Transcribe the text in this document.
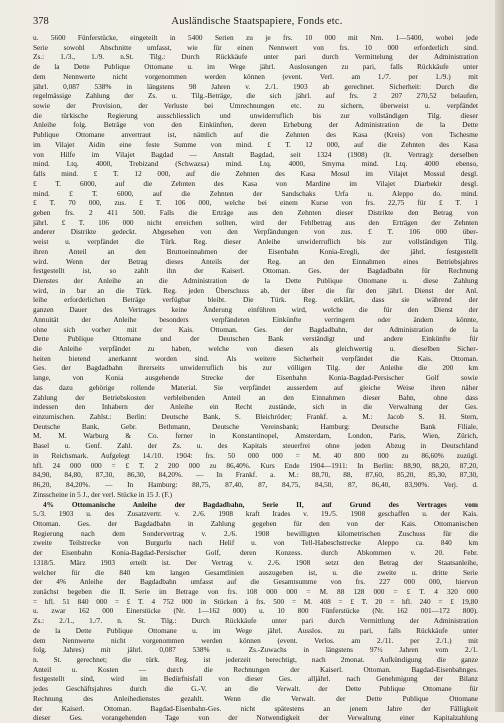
378	Ausländische Staatspapiere, Fonds etc.

u. 5600 Fünferstücke, eingeteilt in 5400 Serien zu je frs. 10 000 mit Nrn. 1—5400, wobei jede

Serie sowohl Abschnitte umfasst, wie für einen Nennwert von frs. 10 000 erforderlich sind.

Zs.: 1./3., 1./9. n.St. Tilg.: Durch Rückkäufe unter pari durch Vermittelung der Administration

de la Dette Publique Ottomane u. im Wege jährl. Auslosungen zu pari, falls Rückkäufe unter

dem Nennwerte nicht vorgenommen werden können (event. Verl. am 1./7. per 1./9.) mit

jährl. 0,087 538% in längstens 98 Jahren v. 2./1. 1903 ab gerechnet. Sicherheit: Durch die

regelmässige Zahlung der Zs. u. Tilg.-Beträge, die sich jährl. auf frs. 2 207 270,52 belaufen,

sowie der Provision, der Verluste bei Umrechnungen etc. zu sichern, überweist u. verpfändet

die türkische Regierung ausschliesslich und unwiderruflich bis zur vollständigen Tilg. dieser

Anleihe folg. Beträge von den Einkünften, deren Erhebung der Administration de la Dette

Publique Ottomane anvertraut ist, nämlich auf die Zehnten des Kasa (Kreis) von Tschesme

im Vilajet Aidin eine feste Summe von mind. £ T. 12 000, auf die Zehnten des Kasa

von Hilfe im Vilajet Bagdad — Anstalt Bagdad, seit 1324 (1908) (lt. Vertrag): derselben

mind. Ltq. 4000, Trebizand (Schwazsa) mind. Ltq. 4000, Smyrna mind. Ltq. 4000 ebenso,

falls mind. £ T. 12 000, auf die Zehnten des Kasa Mosul im Vilajet Mossul desgl.

£ T. 6000, auf die Zehnten des Kasa von Mardine im Vilajet Diarbekir desgl.

mind. £ T. 6000, auf die Zehnten der Sandschaks Urfa u. Aleppo do. mind.

£ T. 70 000, zus. £ T. 106 000, welche bei einem Kurse von frs. 22,75 für £ T. 1

geben frs. 2 411 500. Falls die Erträge aus den Zehnten dieser Distrikte den Betrag von

jährl. £ T. 106 000 nicht erreichen sollten, wird der Fehlbetrag aus den Erträgen der Zehnten

anderer Distrikte gedeckt. Abgesehen von den Verpfändungen von zus. £ T. 106 000 über-

weist u. verpfändet die Türk. Reg. dieser Anleihe unwiderruflich bis zur vollständigen Tilg.

ihren Anteil an den Bruttoeinnahmen der Eisenbahn Konia-Eregli, der jährl. festgestellt

wird. Wenn der Betrag dieses Anteils der Reg. an den Einnahmen eines Betriebsjahres

festgestellt ist, so zahlt ihn der Kaiserl. Ottoman. Ges. der Bagdadbahn für Rechnung

Dienstes der Anleihe an die Administration de la Dette Publique Ottomane u. diese Zahlung

wird, in bar an die Türk. Reg. jeden Überschuss ab, der über die für den jährl. Dienst der Anl.

leihe erforderlichen Beträge verfügbar bleibt. Die Türk. Reg. erklärt, dass sie während der

ganzen Dauer des Vertrages keine Änderung einführen wird, welche die für den Dienst der

Annuität der Anleihe besonders verpfändeten Einkünfte verringern oder ändern könnte,

ohne sich vorher mit der Kais. Ottoman. Ges. der Bagdadbahn, der Administration de la

Dette Publique Ottomane und der Deutschen Bank verständigt und andere Einkünfte für

die Anleihe verpfändet zu haben, welche von diesen als gleichwertig u. dieselben Sicher-

heiten bietend anerkannt worden sind. Als weitere Sicherheit verpfändet die Kais. Ottoman.

Ges. der Bagdadbahn ihrerseits unwiderruflich bis zur völligen Tilg. der Anleihe die 200 km

lange, von Konia ausgehende Strecke der Eisenbahn Konia-Bagdad-Persischer Golf sowie

das dazu gehörige rollende Material. Sie verpfändet ausserdem auf gleiche Weise ihren näher

Zahlung der Betriebskosten verbleibenden Anteil an den Einnahmen dieser Bahn, ohne dass

indessen den Inhabern der Anleihe ein Recht zustände, sich in die Verwaltung der Ges.

einzumischen. Zahlst.: Berlin: Deutsche Bank, S. Bleichröder; Frankf. a. M.: Jacob S. H. Stern,

Deutsche Bank, Gebr. Bethmann, Deutsche Vereinsbank; Hamburg: Deutsche Bank Filiale,

M. M. Warburg & Co. ferner in Konstantinopel, Amsterdam, London, Paris, Wien, Zürich,

Basel u. Genf. Zahl. der Zs. u. des Kapitals steuerfrei ohne jeden Abzug in Deutschland

in Reichsmark. Aufgelegt 14./10. 1904: frs. 50 000 000 = M. 40 800 000 zu 86,60% zuzügl.

hfl. 24 000 000 = £ T. 2 200 000 zu 86,40%. Kurs Ende 1904—1911: In Berlin: 88,90, 88,20, 87,20,

84,90, 84,80, 87,30, 86,30, 84,20%. — In Frankf. a. M.: 88,70, 88, 87,60, 85,20, 85,30, 87,30,

86,20, 84,20%. — In Hamburg: 88,75, 87,40, 87, 84,75, 84,50, 87, 86,40, 83,90%. Verj. d.

Zinsscheine in 5 J., der verl. Stücke in 15 J. (F.)

4% Ottomanische Anleihe der Bagdadbahn, Serie II, auf Grund des Vertrages vom

5./3. 1903 u. des Zusatzvertr. v. 2./6. 1908 kraft Irades v. 19./5. 1908 geschaffen u. der Kais.

Ottoman. Ges. der Bagdadbahn in Zahlung gegeben für den von der Kais. Ottomanischen

Regierung nach dem Sondervertrag v. 2./6. 1908 bewilligten kilometrischen Zuschuss für die

zweite Teilstrecke von Burgurlu nach Helif u. von Tell-Habeschstrecke Aleppo ca. 840 km

der Eisenbahn Konia-Bagdad-Persischer Golf, deren Konzess. durch Abkommen v. 20. Febr.

1318/5. März 1903 erteilt ist. Der Vertrag v. 2./6. 1908 setzt den Betrag der Staatsanleihe,

welcher für die 840 km langen Gesamtlinien auszugeben ist, u. die zweite u. dritte Serie

der 4% Anleihe der Bagdadbahn umfasst auf die Gesamtsumme von frs. 227 000 000, hiervon

zunächst begeben die II. Serie im Betrage von frs. 108 000 000 = M. 88 128 000 = £ T. 4 320 000

= hfl. 51 840 000 = £ T. 4 752 000 in Stücken à frs. 500 = M. 408 = £ T. 20 = hfl. 240 = £ 19,80

u. zwar 162 000 Einerstücke (Nr. 1—162 000) u. 10 800 Fünferstücke (Nr. 162 001—172 800).

Zs.: 2./1., 1./7. n. St. Tilg.: Durch Rückkäufe unter pari durch Vermittlung der Administration

de la Dette Publique Ottomane u. im Wege jährl. Ausslos. zu pari, falls Rückkäufe unter

dem Nennwerte nicht vorgenommen werden können (event. Verlos. am 2./11. per 2./1.) mit

folg. Jahres) mit jährl. 0,087 538% u. Zs.-Zuwachs in längstens 97½ Jahren vom 2./1.

n. St. gerechnet; die türk. Reg. ist jederzeit berechtigt, nach 2monat. Aufkündigung die ganze

Anteil u. Kosten — durch die Rechnungen der Kaiserl. Ottoman. Bagdad-Eisenbahnges.

festgestellt sind, wird im Bedürfnisfall von dieser Ges. alljährl. nach Genehmigung der Bilanz

jedes Geschäftsjahres durch die G.-V. an die Verwalt. der Dette Publique Ottomane für

Rechnung des Anleihedienstes gezahlt. Wenn die Verwalt. der Dette Publique Ottomane

der Kaiserl. Ottoman. Bagdad-Eisenbahn-Ges. nicht spätestens an jenem Jahre der Fälligkeit

dieser Ges. vorangehenden Tage von der Notwendigkeit der Verwaltung einer Kapitalzahlung
